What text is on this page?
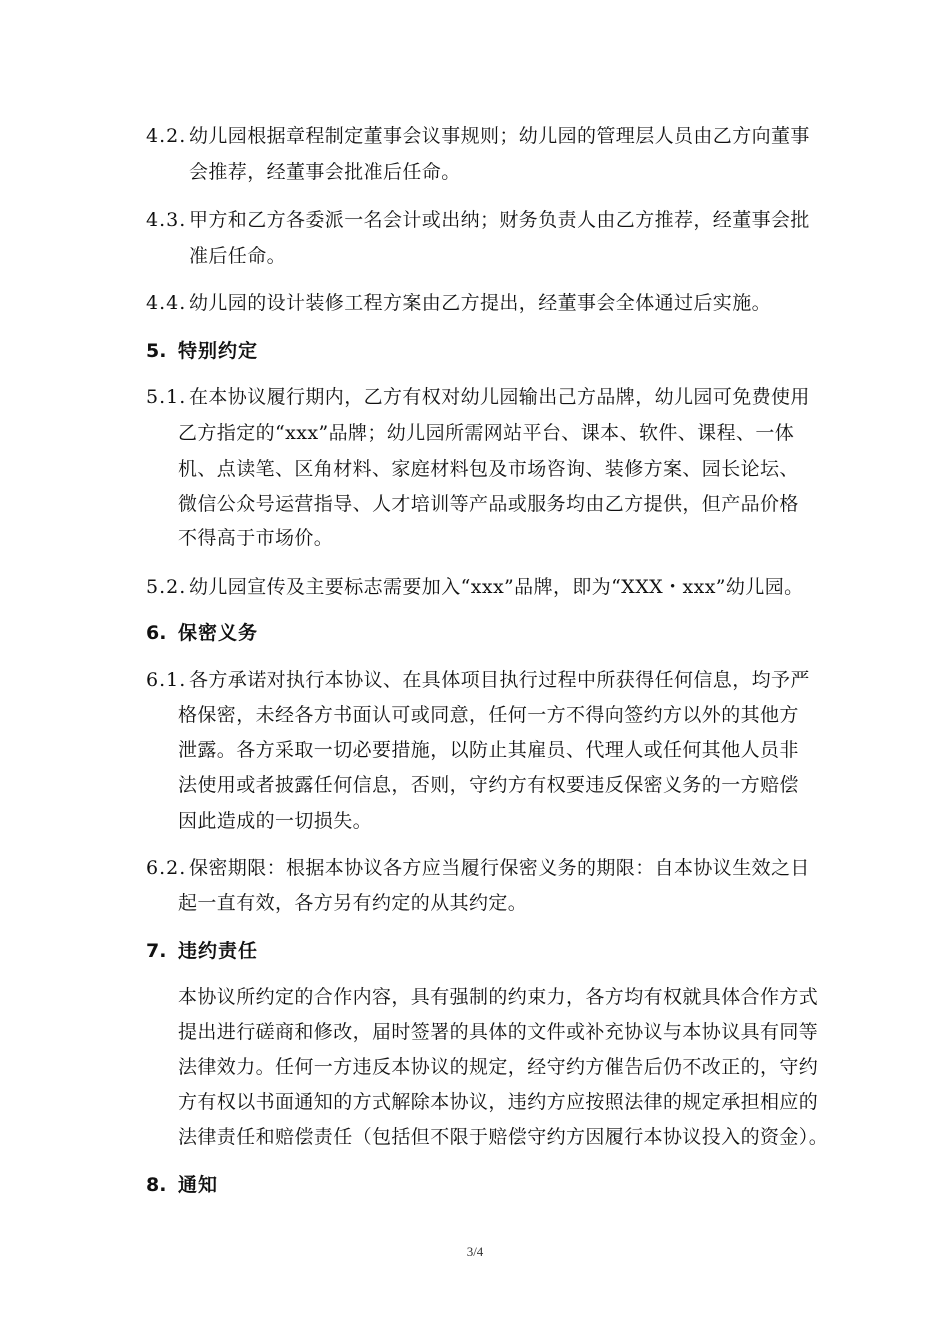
4.2. 幼儿园根据章程制定董事会议事规则；幼儿园的管理层人员由乙方向董事
会推荐，经董事会批准后任命。
4.3. 甲方和乙方各委派一名会计或出纳；财务负责人由乙方推荐，经董事会批
准后任命。
4.4. 幼儿园的设计装修工程方案由乙方提出，经董事会全体通过后实施。
5. 特别约定
5.1. 在本协议履行期内，乙方有权对幼儿园输出己方品牌，幼儿园可免费使用
乙方指定的“xxx”品牌；幼儿园所需网站平台、课本、软件、课程、一体
机、点读笔、区角材料、家庭材料包及市场咨询、装修方案、园长论坛、
微信公众号运营指导、人才培训等产品或服务均由乙方提供，但产品价格
不得高于市场价。
5.2. 幼儿园宣传及主要标志需要加入“xxx”品牌，即为“XXX・xxx”幼儿园。
6. 保密义务
6.1. 各方承诺对执行本协议、在具体项目执行过程中所获得任何信息，均予严
格保密，未经各方书面认可或同意，任何一方不得向签约方以外的其他方
泄露。各方采取一切必要措施，以防止其雇员、代理人或任何其他人员非
法使用或者披露任何信息，否则，守约方有权要违反保密义务的一方赔偿
因此造成的一切损失。
6.2. 保密期限：根据本协议各方应当履行保密义务的期限：自本协议生效之日
起一直有效，各方另有约定的从其约定。
7. 违约责任
本协议所约定的合作内容，具有强制的约束力，各方均有权就具体合作方式
提出进行磋商和修改，届时签署的具体的文件或补充协议与本协议具有同等
法律效力。任何一方违反本协议的规定，经守约方催告后仍不改正的，守约
方有权以书面通知的方式解除本协议，违约方应按照法律的规定承担相应的
法律责任和赔偿责任（包括但不限于赔偿守约方因履行本协议投入的资金）。
8. 通知
3/4
